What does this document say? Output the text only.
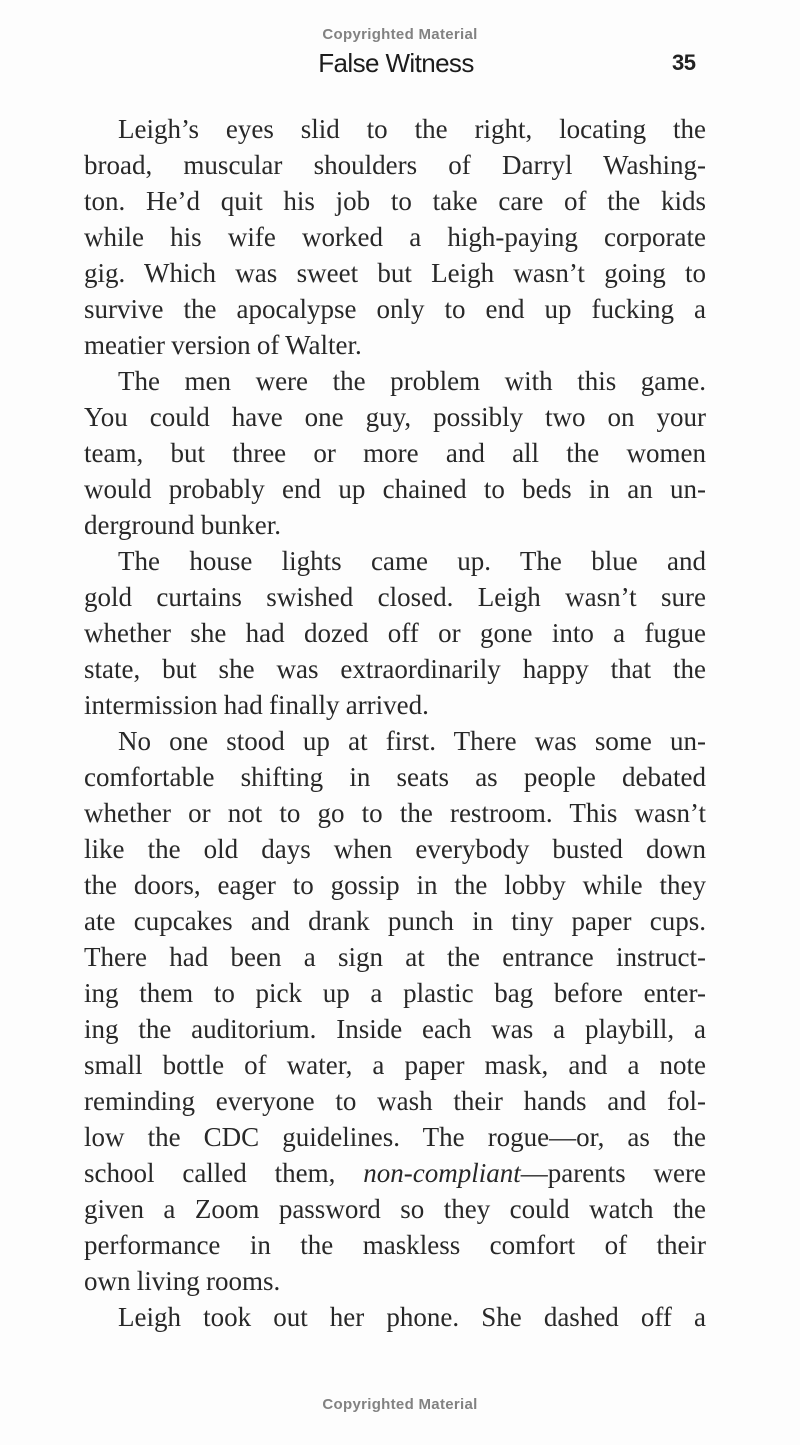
Copyrighted Material
False Witness	35
Leigh’s eyes slid to the right, locating the
broad, muscular shoulders of Darryl Washing-
ton. He’d quit his job to take care of the kids
while his wife worked a high-paying corporate
gig. Which was sweet but Leigh wasn’t going to
survive the apocalypse only to end up fucking a
meatier version of Walter.
The men were the problem with this game.
You could have one guy, possibly two on your
team, but three or more and all the women
would probably end up chained to beds in an un-
derground bunker.
The house lights came up. The blue and
gold curtains swished closed. Leigh wasn’t sure
whether she had dozed off or gone into a fugue
state, but she was extraordinarily happy that the
intermission had finally arrived.
No one stood up at first. There was some un-
comfortable shifting in seats as people debated
whether or not to go to the restroom. This wasn’t
like the old days when everybody busted down
the doors, eager to gossip in the lobby while they
ate cupcakes and drank punch in tiny paper cups.
There had been a sign at the entrance instruct-
ing them to pick up a plastic bag before enter-
ing the auditorium. Inside each was a playbill, a
small bottle of water, a paper mask, and a note
reminding everyone to wash their hands and fol-
low the CDC guidelines. The rogue—or, as the
school called them, non-compliant—parents were
given a Zoom password so they could watch the
performance in the maskless comfort of their
own living rooms.
Leigh took out her phone. She dashed off a
Copyrighted Material
